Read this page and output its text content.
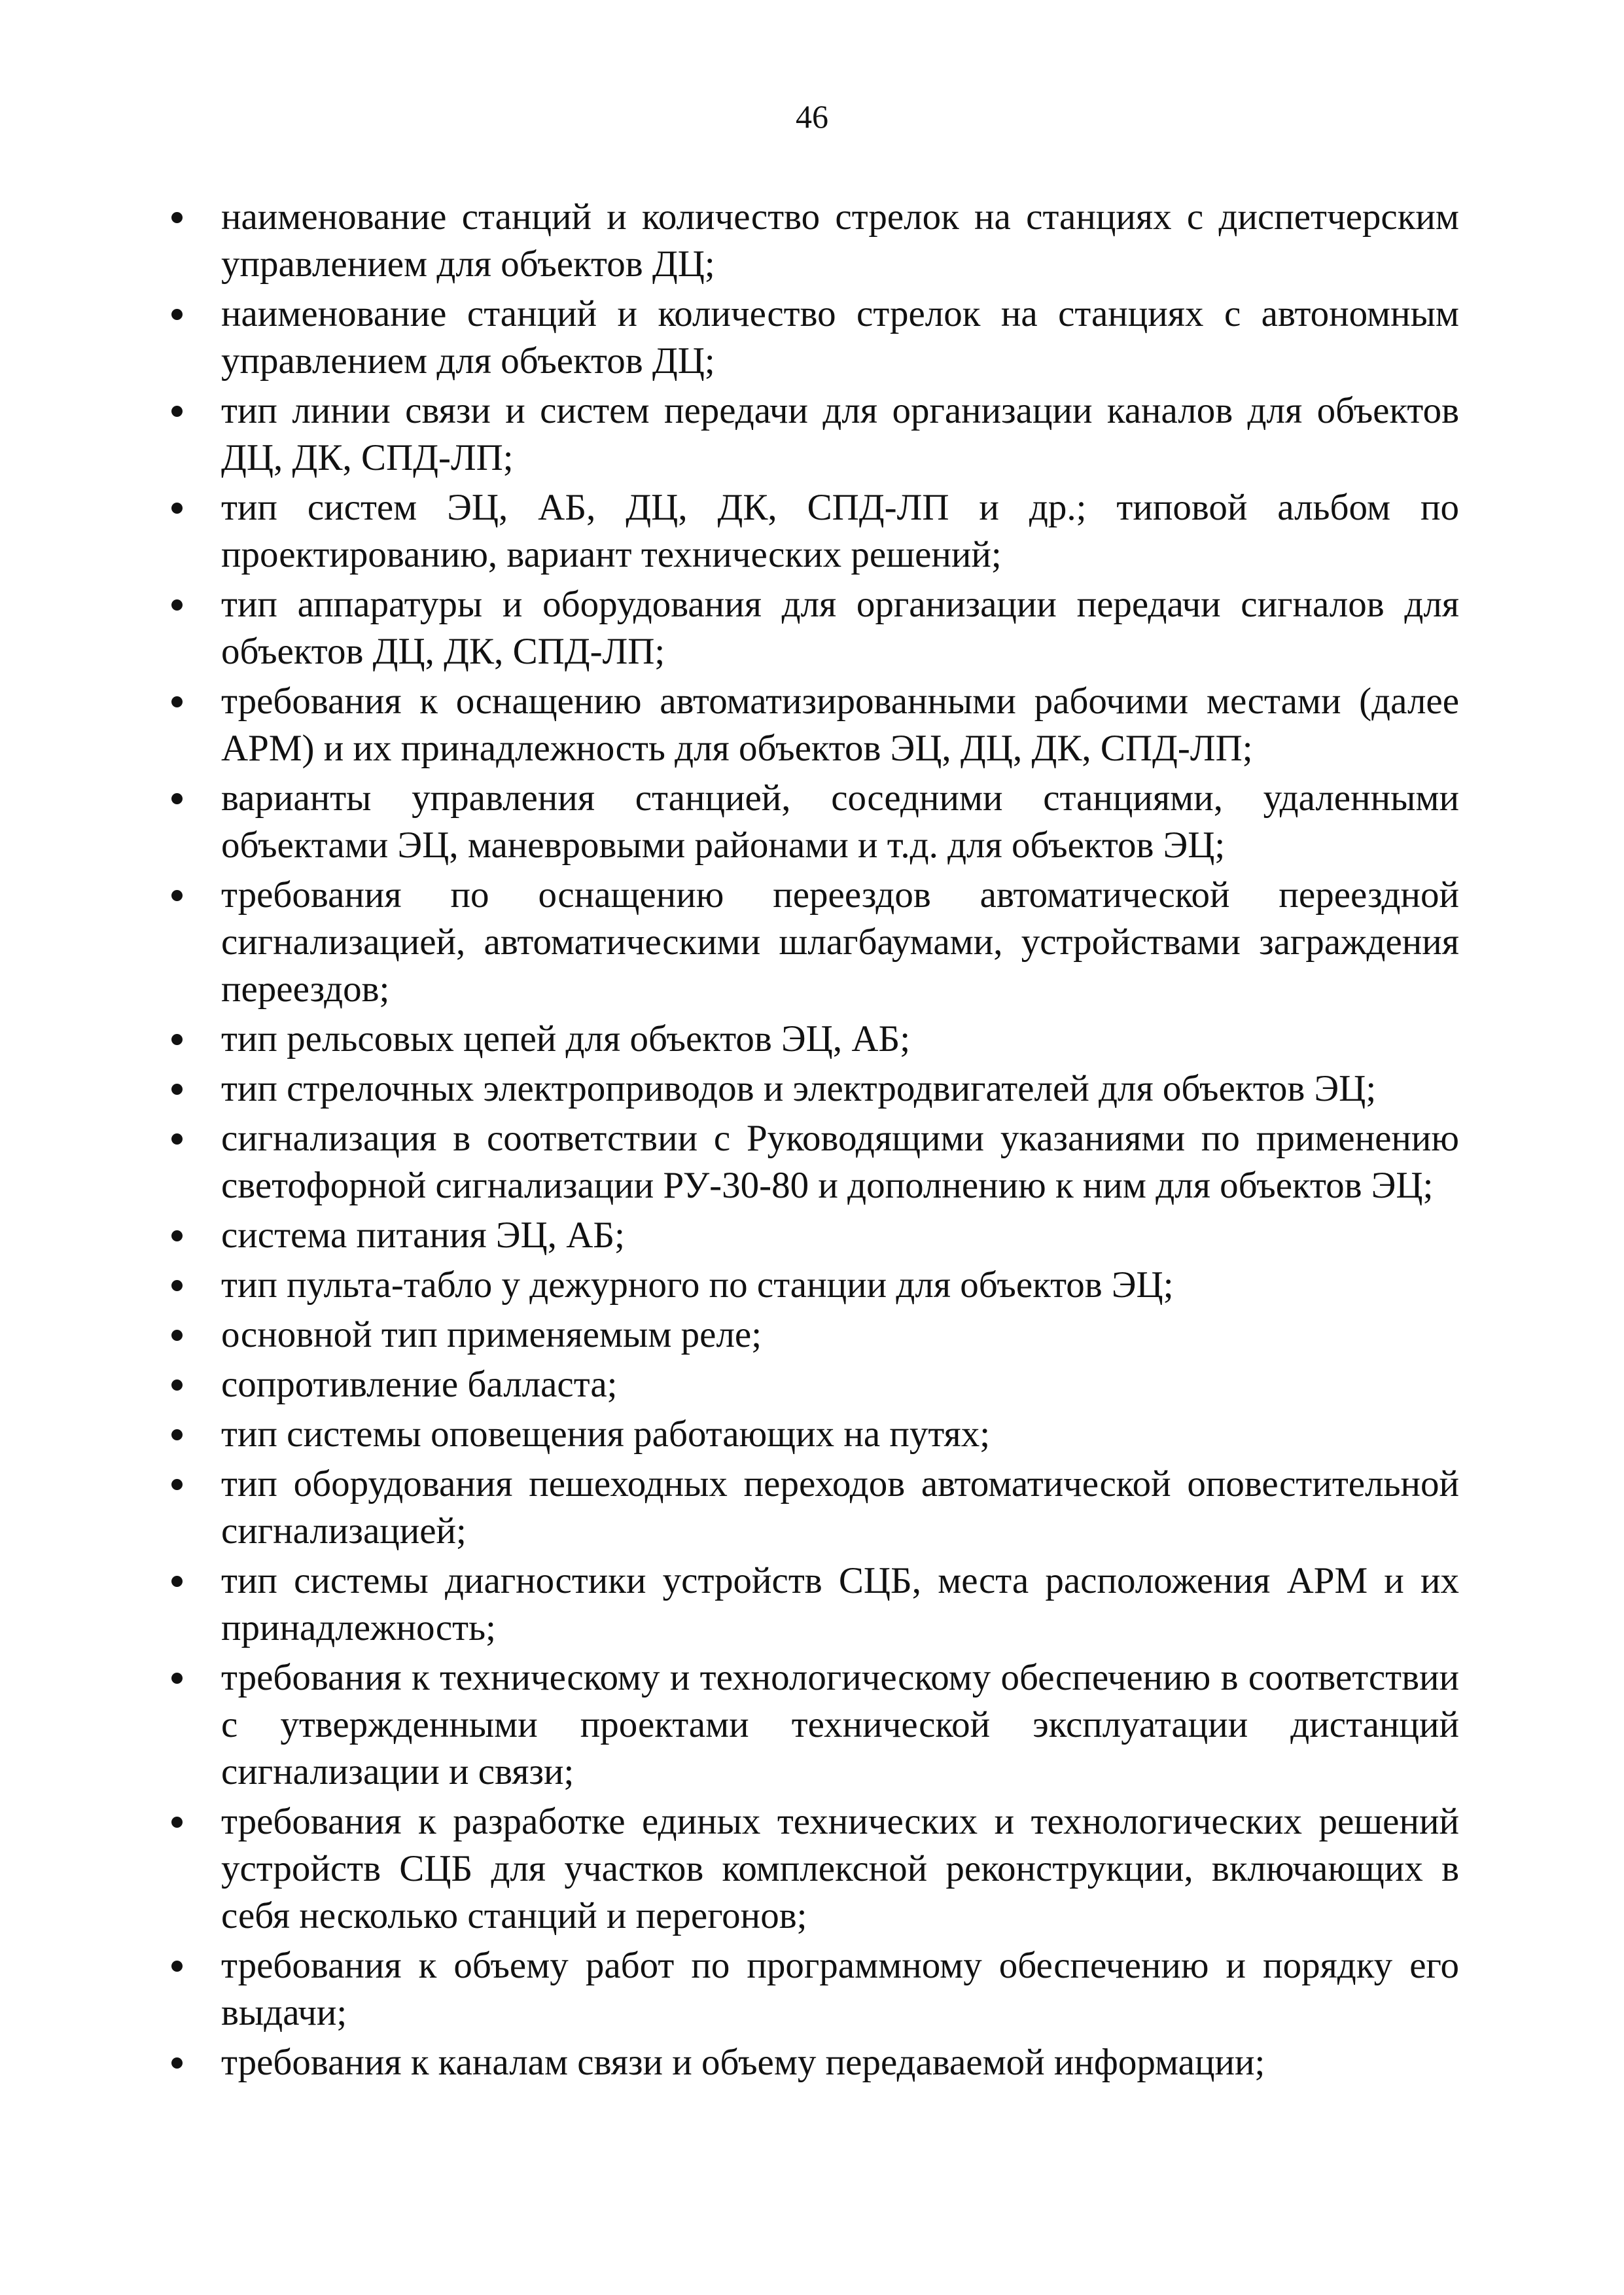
46
наименование станций и количество стрелок на станциях с диспетчерским управлением для объектов ДЦ;
наименование станций и количество стрелок на станциях с автономным управлением для объектов ДЦ;
тип линии связи и систем передачи для организации каналов для объектов ДЦ, ДК, СПД-ЛП;
тип систем ЭЦ, АБ, ДЦ, ДК, СПД-ЛП и др.; типовой альбом по проектированию, вариант технических решений;
тип аппаратуры и оборудования для организации передачи сигналов для объектов ДЦ, ДК, СПД-ЛП;
требования к оснащению автоматизированными рабочими местами (далее АРМ) и их принадлежность для объектов ЭЦ, ДЦ, ДК, СПД-ЛП;
варианты управления станцией, соседними станциями, удаленными объектами ЭЦ, маневровыми районами и т.д. для объектов ЭЦ;
требования по оснащению переездов автоматической переездной сигнализацией, автоматическими шлагбаумами, устройствами заграждения переездов;
тип рельсовых цепей для объектов ЭЦ, АБ;
тип стрелочных электроприводов и электродвигателей для объектов ЭЦ;
сигнализация в соответствии с Руководящими указаниями по применению светофорной сигнализации РУ-30-80 и дополнению к ним для объектов ЭЦ;
система питания ЭЦ, АБ;
тип пульта-табло у дежурного по станции для объектов ЭЦ;
основной тип применяемым реле;
сопротивление балласта;
тип системы оповещения работающих на путях;
тип оборудования пешеходных переходов автоматической оповестительной сигнализацией;
тип системы диагностики устройств СЦБ, места расположения АРМ и их принадлежность;
требования к техническому и технологическому обеспечению в соответствии с утвержденными проектами технической эксплуатации дистанций сигнализации и связи;
требования к разработке единых технических и технологических решений устройств СЦБ для участков комплексной реконструкции, включающих в себя несколько станций и перегонов;
требования к объему работ по программному обеспечению и порядку его выдачи;
требования к каналам связи и объему передаваемой информации;
